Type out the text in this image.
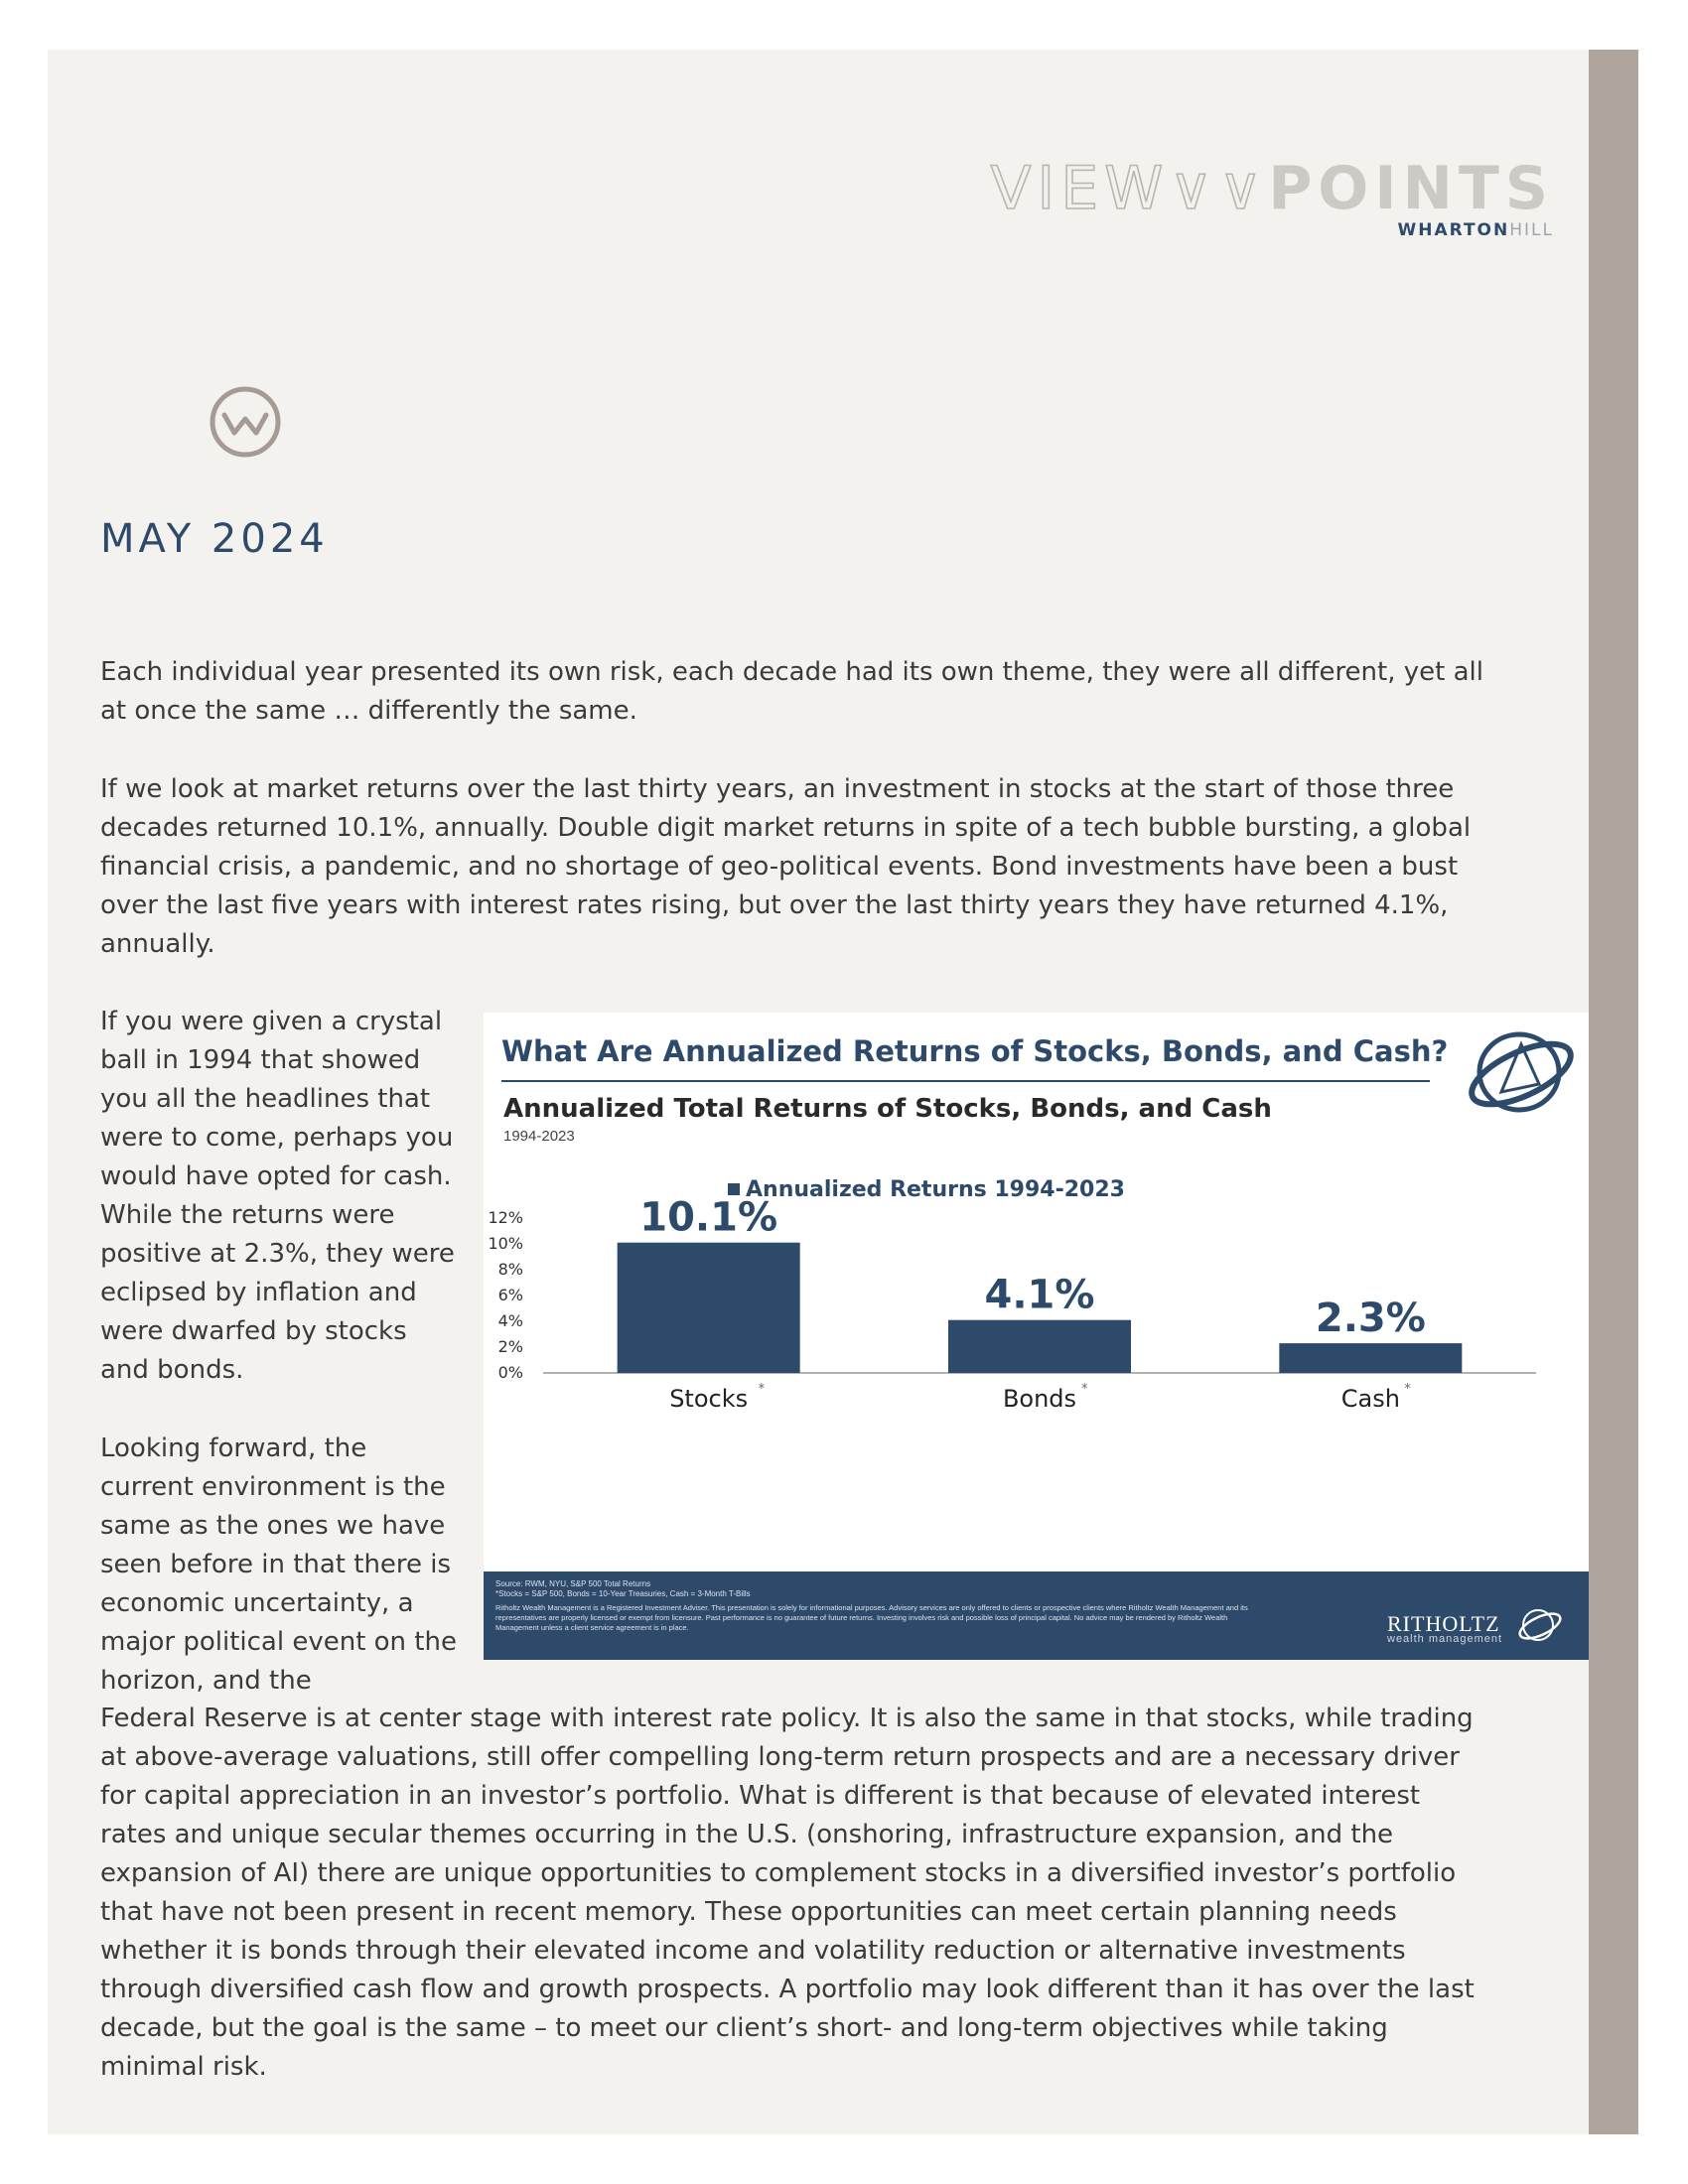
VIEW∨∨POINTS
WHARTONHILL
MAY 2024

Each individual year presented its own risk, each decade had its own theme, they were all different, yet all at once the same … differently the same.

If we look at market returns over the last thirty years, an investment in stocks at the start of those three decades returned 10.1%, annually. Double digit market returns in spite of a tech bubble bursting, a global financial crisis, a pandemic, and no shortage of geo-political events. Bond investments have been a bust over the last five years with interest rates rising, but over the last thirty years they have returned 4.1%, annually.

If you were given a crystal ball in 1994 that showed you all the headlines that were to come, perhaps you would have opted for cash. While the returns were positive at 2.3%, they were eclipsed by inflation and were dwarfed by stocks and bonds.

Looking forward, the current environment is the same as the ones we have seen before in that there is economic uncertainty, a major political event on the horizon, and the

Federal Reserve is at center stage with interest rate policy. It is also the same in that stocks, while trading at above-average valuations, still offer compelling long-term return prospects and are a necessary driver for capital appreciation in an investor’s portfolio. What is different is that because of elevated interest rates and unique secular themes occurring in the U.S. (onshoring, infrastructure expansion, and the expansion of AI) there are unique opportunities to complement stocks in a diversified investor’s portfolio that have not been present in recent memory. These opportunities can meet certain planning needs whether it is bonds through their elevated income and volatility reduction or alternative investments through diversified cash flow and growth prospects. A portfolio may look different than it has over the last decade, but the goal is the same – to meet our client’s short- and long-term objectives while taking minimal risk.

What Are Annualized Returns of Stocks, Bonds, and Cash?
Annualized Total Returns of Stocks, Bonds, and Cash
1994-2023
Annualized Returns 1994-2023
0%
2%
4%
6%
8%
10%
12%	10.1%
Stocks *
4.1%
Bonds *
2.3%
Cash *
Source: RWM, NYU, S&P 500 Total Returns
*Stocks = S&P 500, Bonds = 10-Year Treasuries, Cash = 3-Month T-Bills
Ritholtz Wealth Management is a Registered Investment Adviser. This presentation is solely for informational purposes. Advisory services are only offered to clients or prospective clients where Ritholtz Wealth Management and its representatives are properly licensed or exempt from licensure. Past performance is no guarantee of future returns. Investing involves risk and possible loss of principal capital. No advice may be rendered by Ritholtz Wealth Management unless a client service agreement is in place.	RITHOLTZ
wealth management
